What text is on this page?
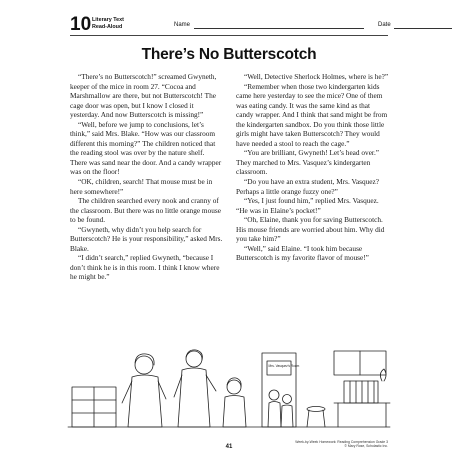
10 Literary Text
Read-Aloud	Name	Date
There’s No Butterscotch

“There’s no Butterscotch!” screamed Gwyneth, keeper of the mice in room 27. “Cocoa and Marshmallow are there, but not Butterscotch! The cage door was open, but I know I closed it yesterday. And now Butterscotch is missing!”

“Well, before we jump to conclusions, let’s think,” said Mrs. Blake. “How was our classroom different this morning?” The children noticed that the reading stool was over by the nature shelf. There was sand near the door. And a candy wrapper was on the floor!

“OK, children, search! That mouse must be in here somewhere!”

The children searched every nook and cranny of the classroom. But there was no little orange mouse to be found.

“Gwyneth, why didn’t you help search for Butterscotch? He is your responsibility,” asked Mrs. Blake.

“I didn’t search,” replied Gwyneth, “because I don’t think he is in this room. I think I know where he might be.”

“Well, Detective Sherlock Holmes, where is he?”

“Remember when those two kindergarten kids came here yesterday to see the mice? One of them was eating candy. It was the same kind as that candy wrapper. And I think that sand might be from the kindergarten sandbox. Do you think those little girls might have taken Butterscotch? They would have needed a stool to reach the cage.”

“You are brilliant, Gwyneth! Let’s head over.” They marched to Mrs. Vasquez’s kindergarten classroom.

“Do you have an extra student, Mrs. Vasquez? Perhaps a little orange fuzzy one?”

“Yes, I just found him,” replied Mrs. Vasquez. “He was in Elaine’s pocket!”

“Oh, Elaine, thank you for saving Butterscotch. His mouse friends are worried about him. Why did you take him?”

“Well,” said Elaine. “I took him because Butterscotch is my favorite flavor of mouse!”

Mrs. Vasquez's Room
41
Week-by-Week Homework: Reading Comprehension Grade 3
© Mary Rose, Scholastic Inc.
